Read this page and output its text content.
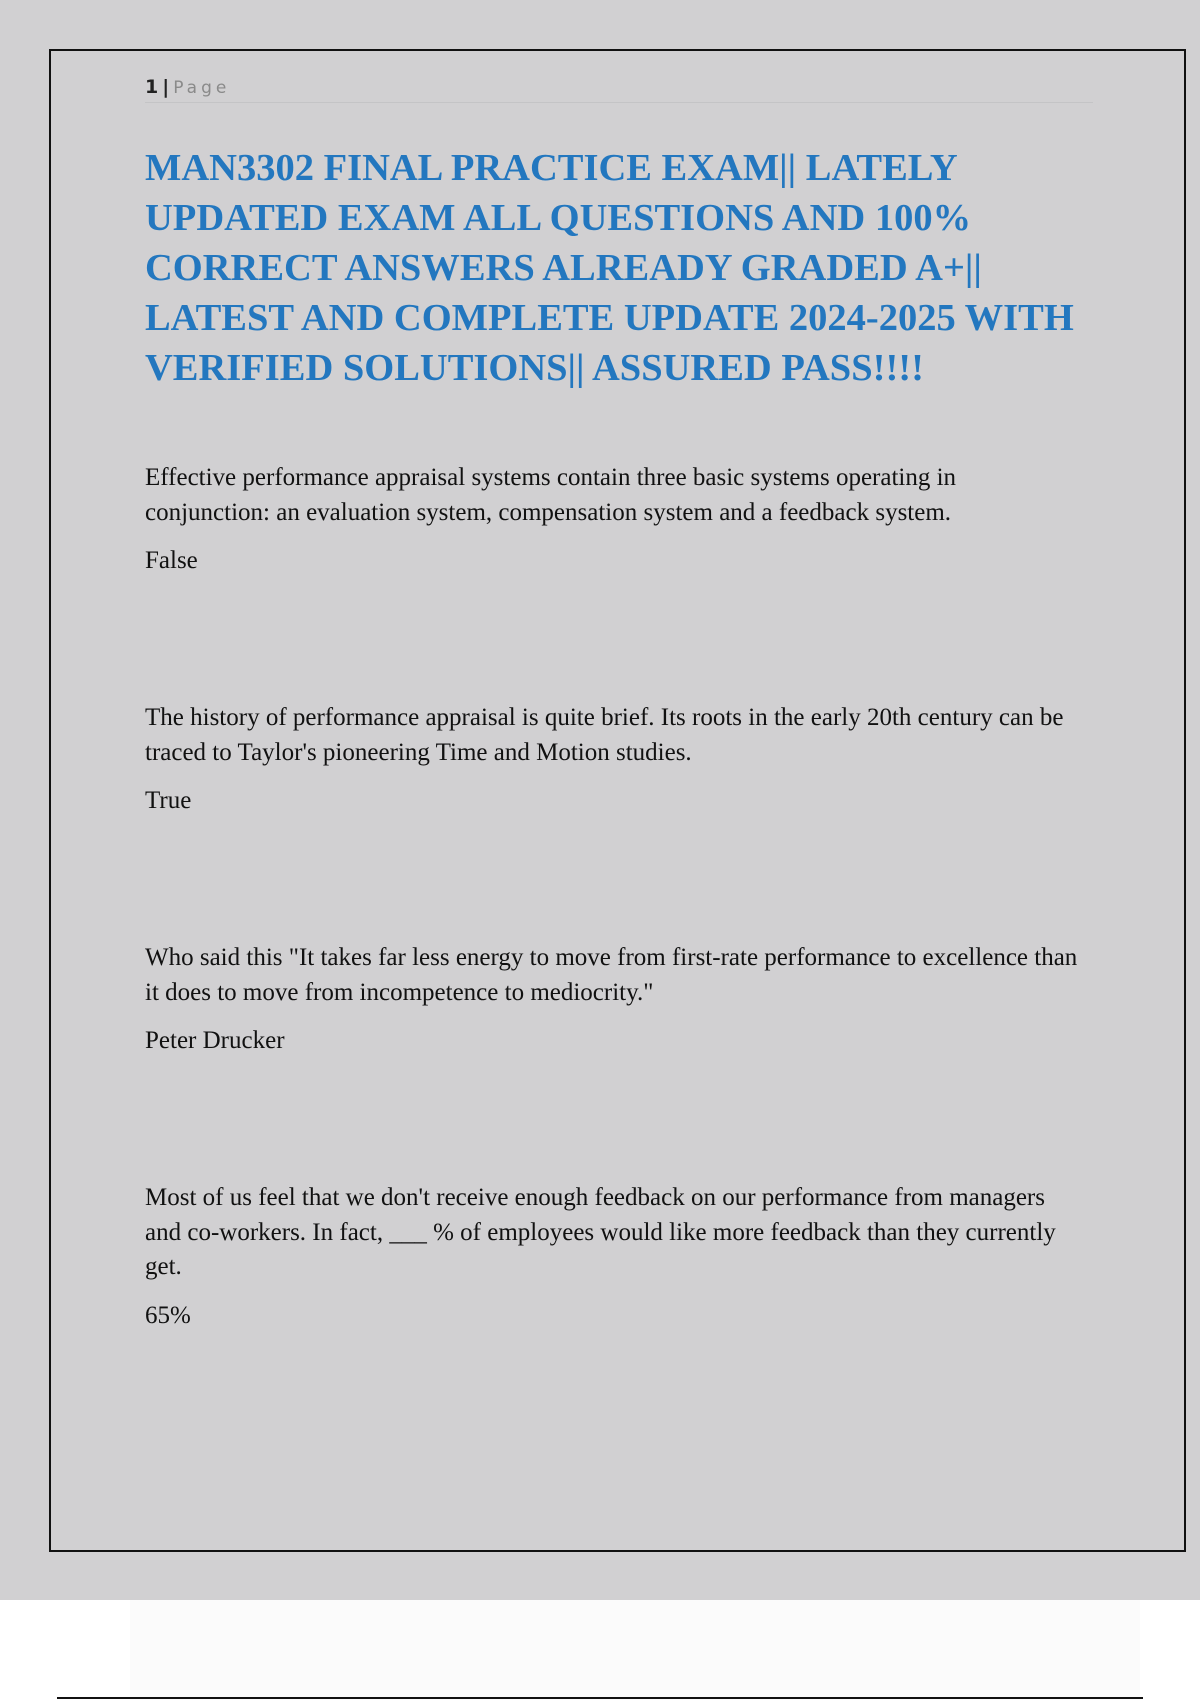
1 | Page
MAN3302 FINAL PRACTICE EXAM|| LATELY UPDATED EXAM ALL QUESTIONS AND 100% CORRECT ANSWERS ALREADY GRADED A+|| LATEST AND COMPLETE UPDATE 2024-2025 WITH VERIFIED SOLUTIONS|| ASSURED PASS!!!!

Effective performance appraisal systems contain three basic systems operating in conjunction: an evaluation system, compensation system and a feedback system.

False

The history of performance appraisal is quite brief. Its roots in the early 20th century can be traced to Taylor's pioneering Time and Motion studies.

True

Who said this "It takes far less energy to move from first-rate performance to excellence than it does to move from incompetence to mediocrity."

Peter Drucker

Most of us feel that we don't receive enough feedback on our performance from managers and co-workers. In fact, ___ % of employees would like more feedback than they currently get.

65%
